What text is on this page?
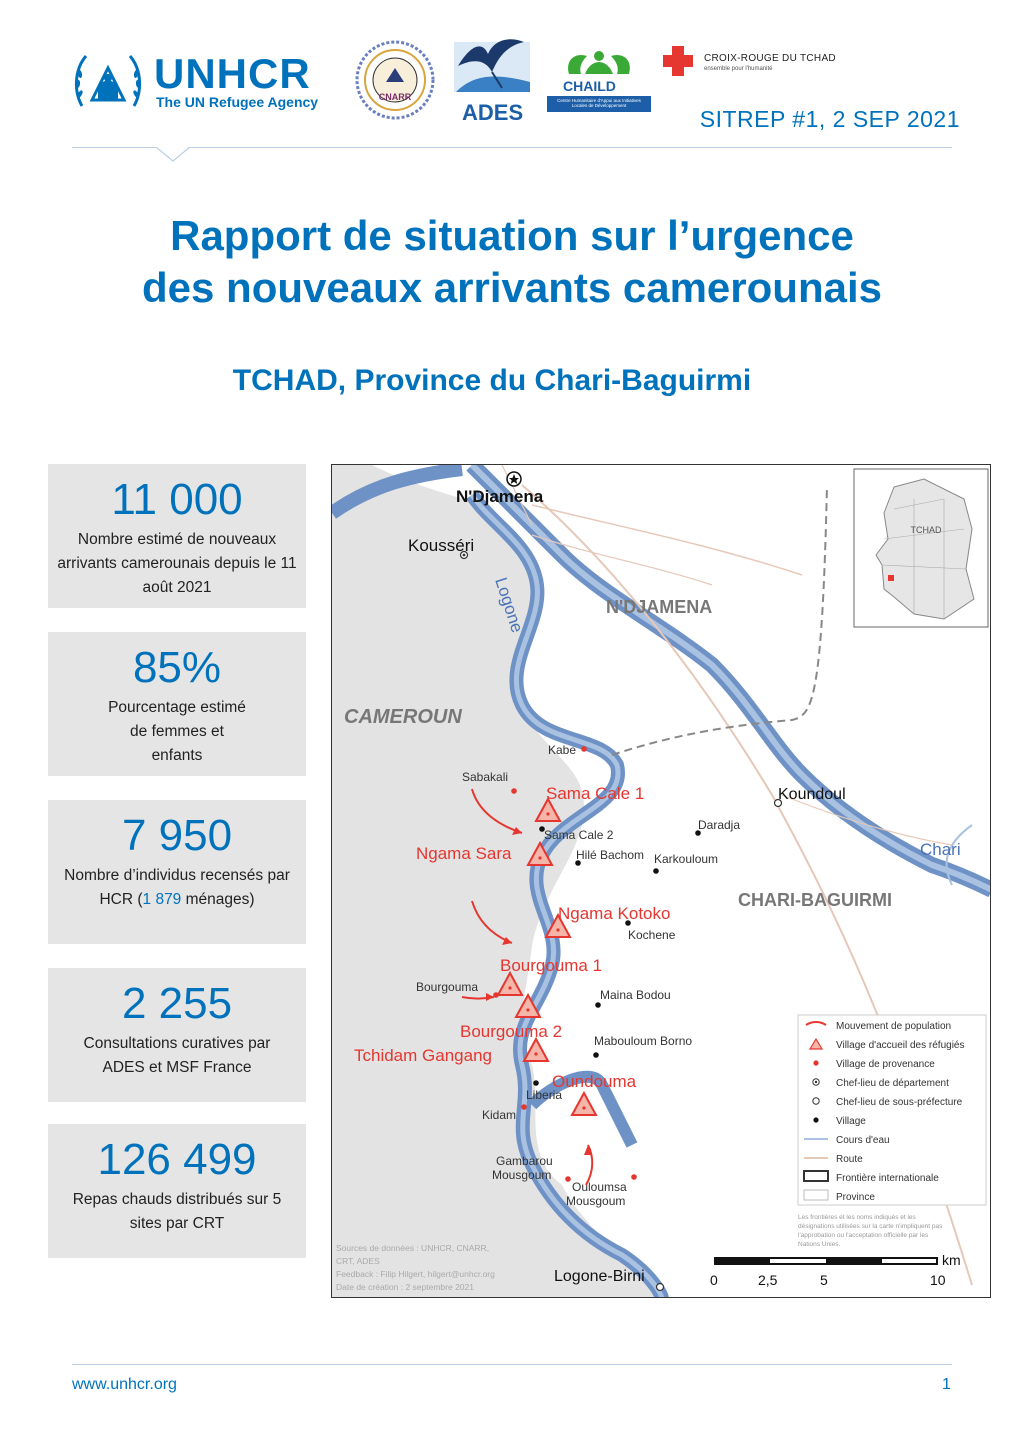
UNHCR
The UN Refugee Agency	CNARR
ADES
CHAILD
Centre Humanitaire d'Appui aux Initiatives Locales de Développement
CROIX-ROUGE DU TCHAD
ensemble pour l'humanité
SITREP #1, 2 SEP 2021
Rapport de situation sur l’urgence
des nouveaux arrivants camerounais
TCHAD, Province du Chari-Baguirmi
11 000
Nombre estimé de nouveaux arrivants camerounais depuis le 11 août 2021
85%
Pourcentage estimé de femmes et enfants
7 950
Nombre d’individus recensés par HCR (1 879 ménages)
2 255
Consultations curatives par ADES et MSF France
126 499
Repas chauds distribués sur 5 sites par CRT
TCHAD
N'DJAMENA
CAMEROUN
CHARI-BAGUIRMI
Chari
Logone
N'Djamena
Kousséri
Koundoul
Logone-Birni
Kabe
Sabakali
Bourgouma
Kidam
Gambarou
Mousgoum
Ouloumsa
Mousgoum
Sama Cale 2
Daradja
Hilé Bachom Karkouloum
Kochene
Maina Bodou
Mabouloum Borno
Liberia
Sama Cale 1
Ngama Sara
Ngama Kotoko
Bourgouma 1
Bourgouma 2
Tchidam Gangang
Oundouma
Mouvement de population
Village d'accueil des réfugiés
Village de provenance
Chef-lieu de département
Chef-lieu de sous-préfecture
Village
Cours d'eau
Route
Frontière internationale
Province
Les frontières et les noms indiqués et les
désignations utilisées sur la carte n'impliquent pas
l'approbation ou l'acceptation officielle par les
Nations Unies.
Sources de données : UNHCR, CNARR,
CRT, ADES
Feedback : Filip Hilgert, hilgert@unhcr.org
Date de création : 2 septembre 2021
km
0	2,5	5	10
www.unhcr.org	1
